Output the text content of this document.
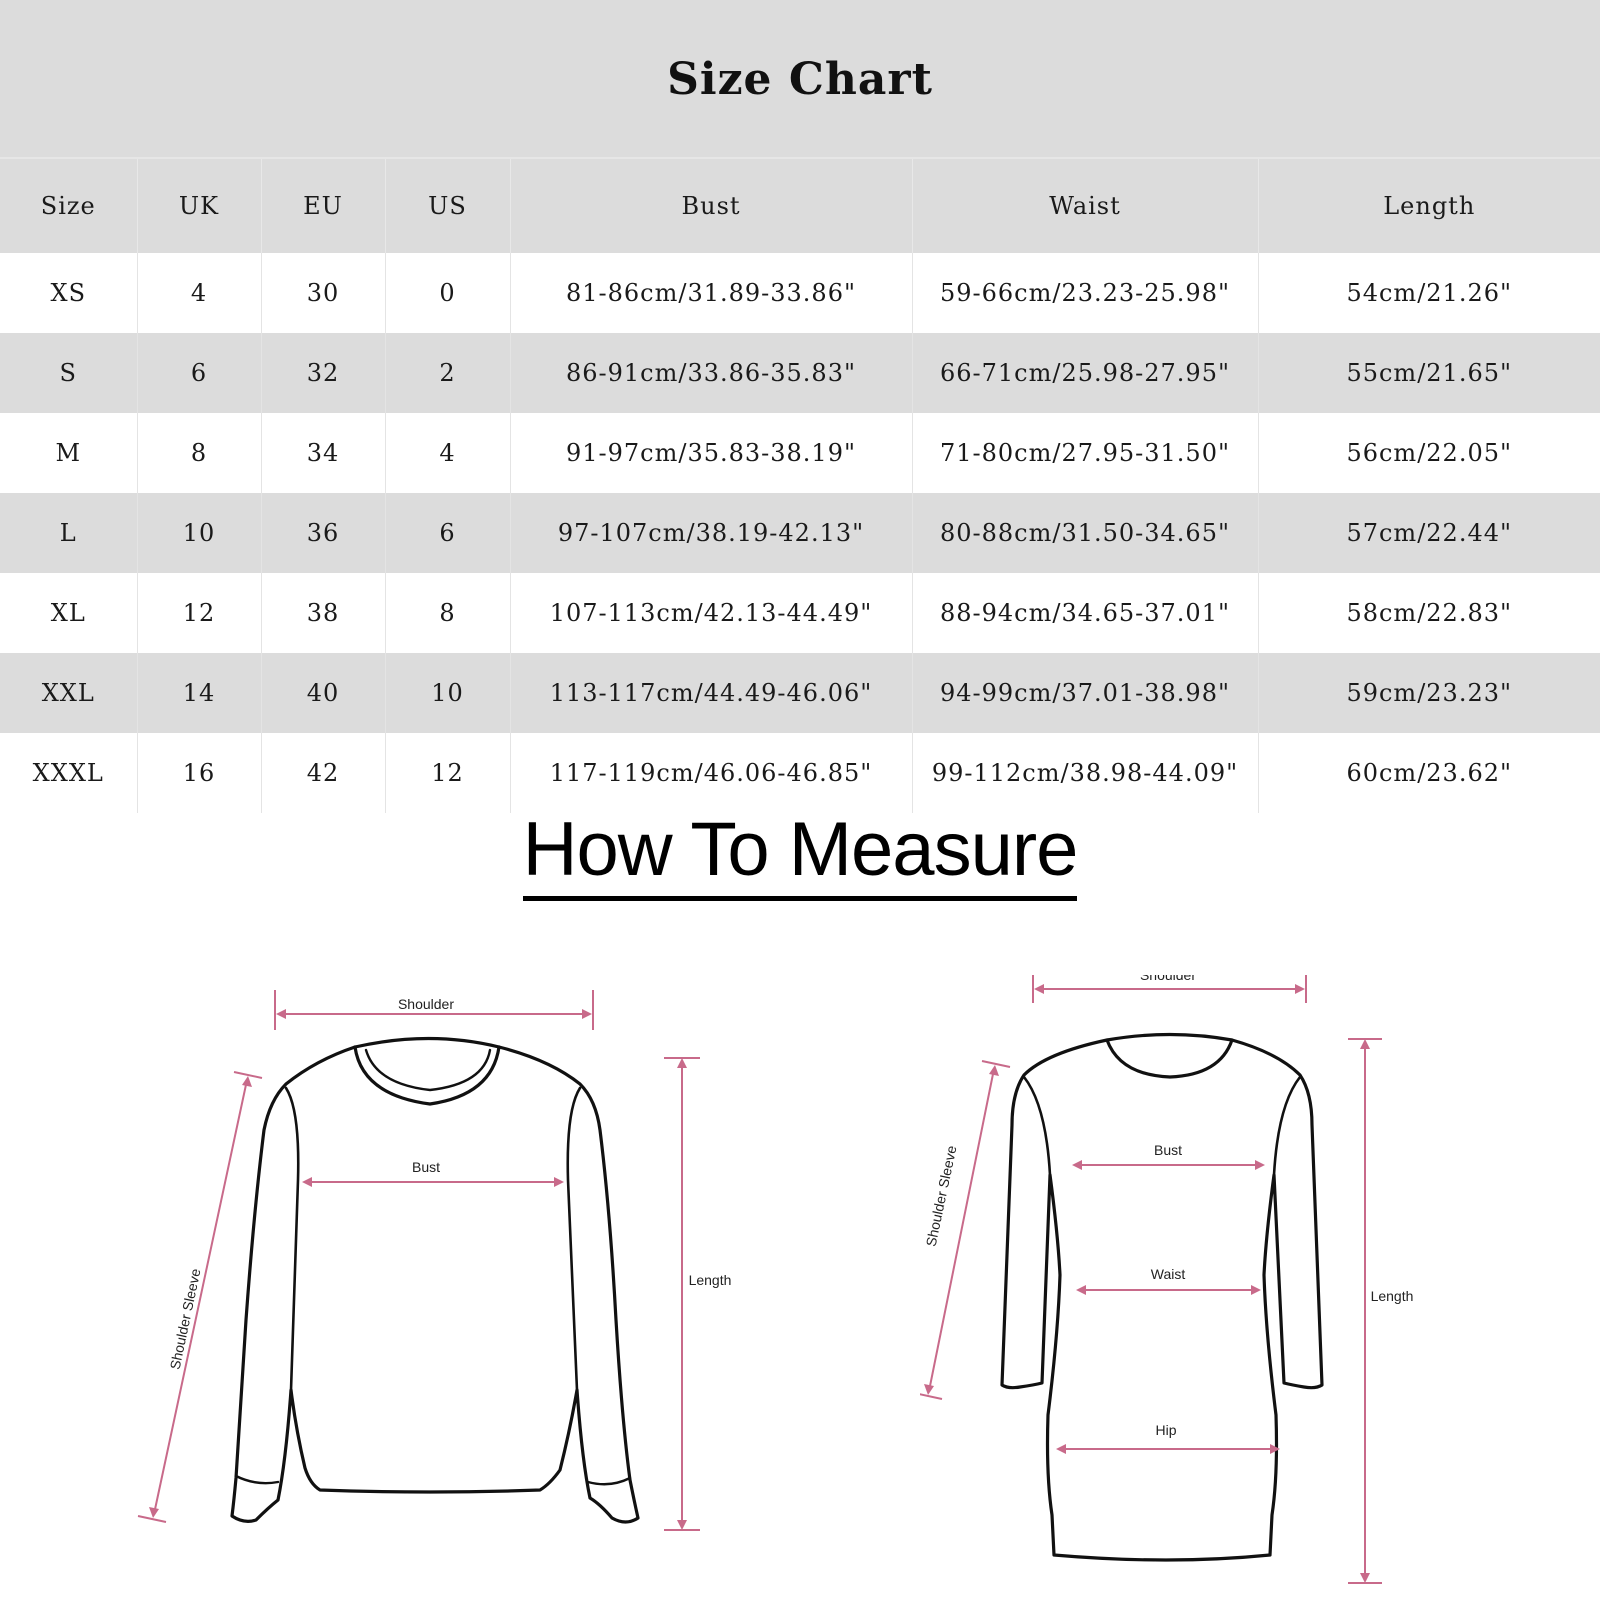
Size Chart
Size	UK	EU	US	Bust	Waist	Length
XS	4	30	0	81-86cm/31.89-33.86"	59-66cm/23.23-25.98"	54cm/21.26"
S	6	32	2	86-91cm/33.86-35.83"	66-71cm/25.98-27.95"	55cm/21.65"
M	8	34	4	91-97cm/35.83-38.19"	71-80cm/27.95-31.50"	56cm/22.05"
L	10	36	6	97-107cm/38.19-42.13"	80-88cm/31.50-34.65"	57cm/22.44"
XL	12	38	8	107-113cm/42.13-44.49"	88-94cm/34.65-37.01"	58cm/22.83"
XXL	14	40	10	113-117cm/44.49-46.06"	94-99cm/37.01-38.98"	59cm/23.23"
XXXL	16	42	12	117-119cm/46.06-46.85"	99-112cm/38.98-44.09"	60cm/23.62"
How To Measure
Shoulder
Bust
Length
Shoulder Sleeve
Shoulder
Bust
Waist
Hip
Length
Shoulder Sleeve
